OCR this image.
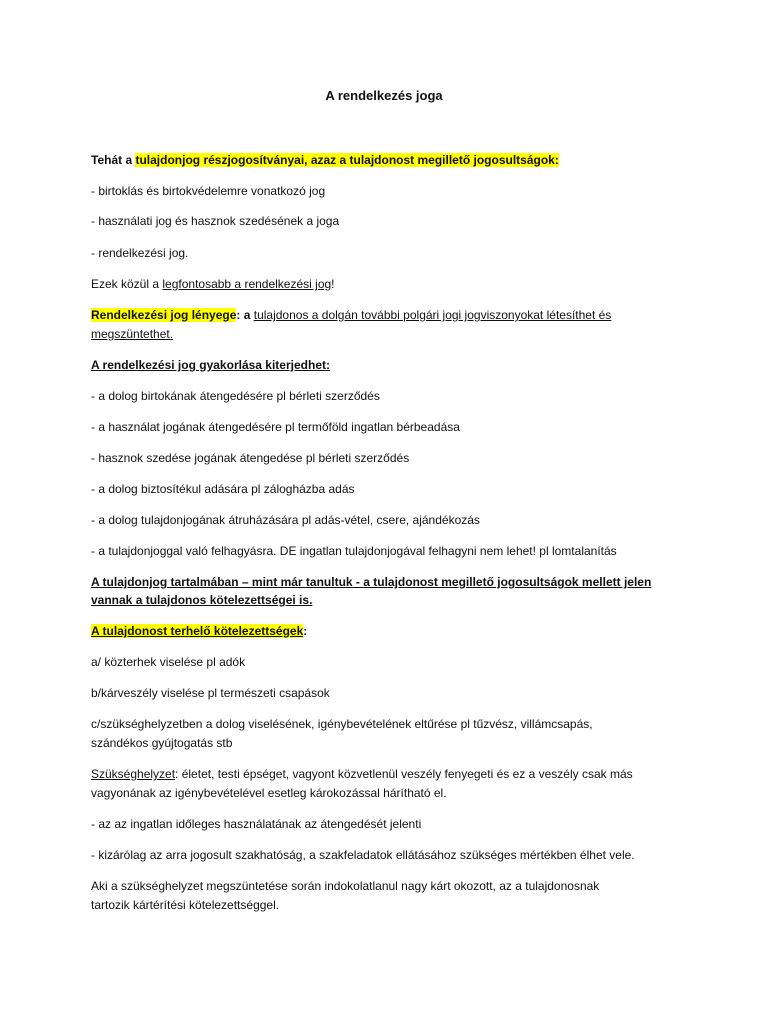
A rendelkezés joga
Tehát a tulajdonjog részjogosítványai, azaz a tulajdonost megillető jogosultságok:
- birtoklás és birtokvédelemre vonatkozó jog
- használati jog és hasznok szedésének a joga
- rendelkezési jog.
Ezek közül a legfontosabb a rendelkezési jog!
Rendelkezési jog lényege: a tulajdonos a dolgán további polgári jogi jogviszonyokat létesíthet és
megszüntethet.
A rendelkezési jog gyakorlása kiterjedhet:
- a dolog birtokának átengedésére pl bérleti szerződés
- a használat jogának átengedésére pl termőföld ingatlan bérbeadása
- hasznok szedése jogának átengedése pl bérleti szerződés
- a dolog biztosítékul adására pl zálogházba adás
- a dolog tulajdonjogának átruházására pl adás-vétel, csere, ajándékozás
- a tulajdonjoggal való felhagyásra. DE ingatlan tulajdonjogával felhagyni nem lehet! pl lomtalanítás
A tulajdonjog tartalmában – mint már tanultuk - a tulajdonost megillető jogosultságok mellett jelen
vannak a tulajdonos kötelezettségei is.
A tulajdonost terhelő kötelezettségek:
a/ közterhek viselése pl adók
b/kárveszély viselése pl természeti csapások
c/szükséghelyzetben a dolog viselésének, igénybevételének eltűrése pl tűzvész, villámcsapás,
szándékos gyújtogatás stb
Szükséghelyzet: életet, testi épséget, vagyont közvetlenül veszély fenyegeti és ez a veszély csak más
vagyonának az igénybevételével esetleg károkozással hárítható el.
- az az ingatlan időleges használatának az átengedését jelenti
- kizárólag az arra jogosult szakhatóság, a szakfeladatok ellátásához szükséges mértékben élhet vele.
Aki a szükséghelyzet megszüntetése során indokolatlanul nagy kárt okozott, az a tulajdonosnak
tartozik kártérítési kötelezettséggel.
